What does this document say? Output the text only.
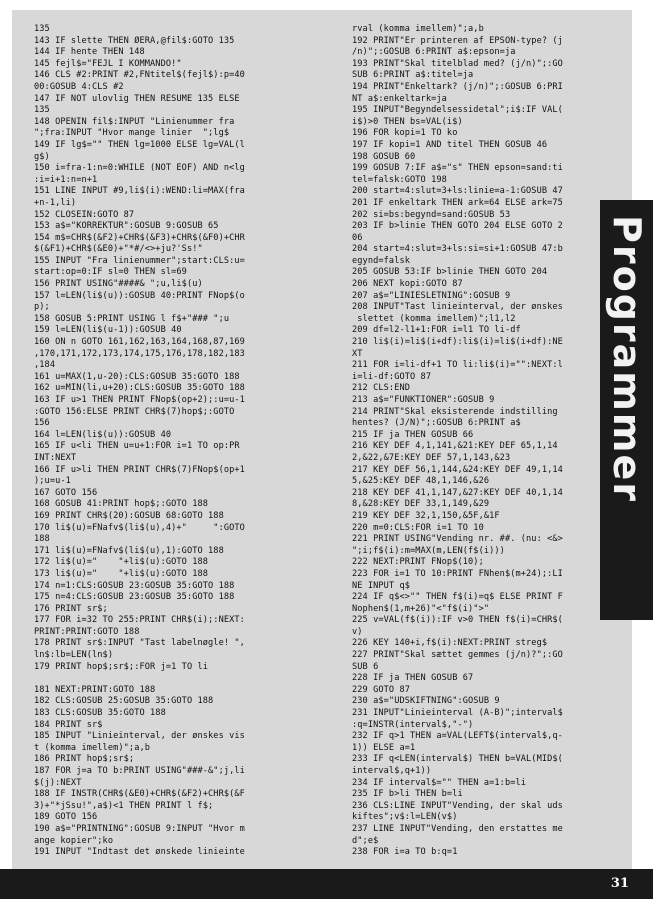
135
143 IF slette THEN ØERA,@fil$:GOTO 135
144 IF hente THEN 148
145 fejl$="FEJL I KOMMANDO!"
146 CLS #2:PRINT #2,FNtitel$(fejl$):p=40
00:GOSUB 4:CLS #2
147 IF NOT ulovlig THEN RESUME 135 ELSE
135
148 OPENIN fil$:INPUT "Linienummer fra
";fra:INPUT "Hvor mange linier  ";lg$
149 IF lg$="" THEN lg=1000 ELSE lg=VAL(l
g$)
150 i=fra-1:n=0:WHILE (NOT EOF) AND n<lg
:i=i+1:n=n+1
151 LINE INPUT #9,li$(i):WEND:li=MAX(fra
+n-1,li)
152 CLOSEIN:GOTO 87
153 a$="KORREKTUR":GOSUB 9:GOSUB 65
154 m$=CHR$(&F2)+CHR$(&F3)+CHR$(&F0)+CHR
$(&F1)+CHR$(&E0)+"*#/<>+ju?'Ss!"
155 INPUT "Fra linienummer";start:CLS:u=
start:op=0:IF sl=0 THEN sl=69
156 PRINT USING"####& ";u,li$(u)
157 l=LEN(li$(u)):GOSUB 40:PRINT FNop$(o
p);
158 GOSUB 5:PRINT USING l f$+"### ";u
159 l=LEN(li$(u-1)):GOSUB 40
160 ON n GOTO 161,162,163,164,168,87,169
,170,171,172,173,174,175,176,178,182,183
,184
161 u=MAX(1,u-20):CLS:GOSUB 35:GOTO 188
162 u=MIN(li,u+20):CLS:GOSUB 35:GOTO 188
163 IF u>1 THEN PRINT FNop$(op+2);:u=u-1
:GOTO 156:ELSE PRINT CHR$(7)hop$;:GOTO
156
164 l=LEN(li$(u)):GOSUB 40
165 IF u<li THEN u=u+1:FOR i=1 TO op:PR
INT:NEXT
166 IF u>li THEN PRINT CHR$(7)FNop$(op+1
);u=u-1
167 GOTO 156
168 GOSUB 41:PRINT hop$;:GOTO 188
169 PRINT CHR$(20):GOSUB 68:GOTO 188
170 li$(u)=FNafv$(li$(u),4)+"     ":GOTO
188
171 li$(u)=FNafv$(li$(u),1):GOTO 188
172 li$(u)="    "+li$(u):GOTO 188
173 li$(u)="    "+li$(u):GOTO 188
174 n=1:CLS:GOSUB 23:GOSUB 35:GOTO 188
175 n=4:CLS:GOSUB 23:GOSUB 35:GOTO 188
176 PRINT sr$;
177 FOR i=32 TO 255:PRINT CHR$(i);:NEXT:
PRINT:PRINT:GOTO 188
178 PRINT sr$:INPUT "Tast labelnøgle! ",
ln$:lb=LEN(ln$)
179 PRINT hop$;sr$;:FOR j=1 TO li
181 NEXT:PRINT:GOTO 188
182 CLS:GOSUB 25:GOSUB 35:GOTO 188
183 CLS:GOSUB 35:GOTO 188
184 PRINT sr$
185 INPUT "Linieinterval, der ønskes vis
t (komma imellem)";a,b
186 PRINT hop$;sr$;
187 FOR j=a TO b:PRINT USING"###-&";j,li
$(j):NEXT
188 IF INSTR(CHR$(&E0)+CHR$(&F2)+CHR$(&F
3)+"*jSsu!",a$)<1 THEN PRINT l f$;
189 GOTO 156
190 a$="PRINTNING":GOSUB 9:INPUT "Hvor m
ange kopier";ko
191 INPUT "Indtast det ønskede linieinte
rval (komma imellem)";a,b
192 PRINT"Er printeren af EPSON-type? (j
/n)";:GOSUB 6:PRINT a$:epson=ja
193 PRINT"Skal titelblad med? (j/n)";:GO
SUB 6:PRINT a$:titel=ja
194 PRINT"Enkeltark? (j/n)";:GOSUB 6:PRI
NT a$:enkeltark=ja
195 INPUT"Begyndelsessidetal";i$:IF VAL(
i$)>0 THEN bs=VAL(i$)
196 FOR kopi=1 TO ko
197 IF kopi=1 AND titel THEN GOSUB 46
198 GOSUB 60
199 GOSUB 7:IF a$="s" THEN epson=sand:ti
tel=falsk:GOTO 198
200 start=4:slut=3+ls:linie=a-1:GOSUB 47
201 IF enkeltark THEN ark=64 ELSE ark=75
202 si=bs:begynd=sand:GOSUB 53
203 IF b>linie THEN GOTO 204 ELSE GOTO 2
06
204 start=4:slut=3+ls:si=si+1:GOSUB 47:b
egynd=falsk
205 GOSUB 53:IF b>linie THEN GOTO 204
206 NEXT kopi:GOTO 87
207 a$="LINIESLETNING":GOSUB 9
208 INPUT"Tast linieinterval, der ønskes
slettet (komma imellem)";l1,l2
209 df=l2-l1+1:FOR i=l1 TO li-df
210 li$(i)=li$(i+df):li$(i)=li$(i+df):NE
XT
211 FOR i=li-df+1 TO li:li$(i)="":NEXT:l
i=li-df:GOTO 87
212 CLS:END
213 a$="FUNKTIONER":GOSUB 9
214 PRINT"Skal eksisterende indstilling
hentes? (J/N)";:GOSUB 6:PRINT a$
215 IF ja THEN GOSUB 66
216 KEY DEF 4,1,141,&21:KEY DEF 65,1,14
2,&22,&7E:KEY DEF 57,1,143,&23
217 KEY DEF 56,1,144,&24:KEY DEF 49,1,14
5,&25:KEY DEF 48,1,146,&26
218 KEY DEF 41,1,147,&27:KEY DEF 40,1,14
8,&28:KEY DEF 33,1,149,&29
219 KEY DEF 32,1,150,&5F,&1F
220 m=0:CLS:FOR i=1 TO 10
221 PRINT USING"Vending nr. ##. (nu: <&>
";i;f$(i):m=MAX(m,LEN(f$(i)))
222 NEXT:PRINT FNop$(10);
223 FOR i=1 TO 10:PRINT FNhen$(m+24);:LI
NE INPUT q$
224 IF q$<>"" THEN f$(i)=q$ ELSE PRINT F
Nophen$(1,m+26)"<"f$(i)">"
225 v=VAL(f$(i)):IF v>0 THEN f$(i)=CHR$(
v)
226 KEY 140+i,f$(i):NEXT:PRINT streg$
227 PRINT"Skal sættet gemmes (j/n)?";:GO
SUB 6
228 IF ja THEN GOSUB 67
229 GOTO 87
230 a$="UDSKIFTNING":GOSUB 9
231 INPUT"Linieinterval (A-B)";interval$
:q=INSTR(interval$,"-")
232 IF q>1 THEN a=VAL(LEFT$(interval$,q-
1)) ELSE a=1
233 IF q<LEN(interval$) THEN b=VAL(MID$(
interval$,q+1))
234 IF interval$="" THEN a=1:b=li
235 IF b>li THEN b=li
236 CLS:LINE INPUT"Vending, der skal uds
kiftes";v$:l=LEN(v$)
237 LINE INPUT"Vending, den erstattes me
d";e$
238 FOR i=a TO b:q=1
Programmer
31
